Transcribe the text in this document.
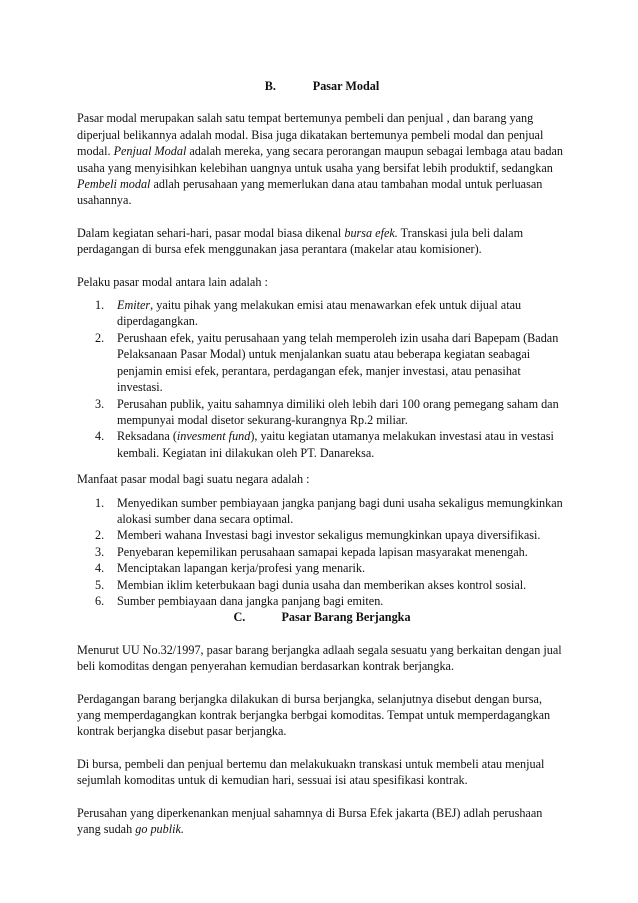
B.	Pasar Modal

Pasar modal merupakan salah satu tempat bertemunya pembeli dan penjual , dan barang yang diperjual belikannya adalah modal. Bisa juga dikatakan bertemunya pembeli modal dan penjual modal. Penjual Modal adalah mereka, yang secara perorangan maupun sebagai lembaga atau badan usaha yang menyisihkan kelebihan uangnya untuk usaha yang bersifat lebih produktif, sedangkan Pembeli modal adlah perusahaan yang memerlukan dana atau tambahan modal untuk perluasan usahannya.

Dalam kegiatan sehari-hari, pasar modal biasa dikenal bursa efek. Transkasi jula beli dalam perdagangan di bursa efek menggunakan jasa perantara (makelar atau komisioner).

Pelaku pasar modal antara lain adalah :

1. Emiter, yaitu pihak yang melakukan emisi atau menawarkan efek untuk dijual atau diperdagangkan.
2. Perushaan efek, yaitu perusahaan yang telah memperoleh izin usaha dari Bapepam (Badan Pelaksanaan Pasar Modal) untuk menjalankan suatu atau beberapa kegiatan seabagai penjamin emisi efek, perantara, perdagangan efek, manjer investasi, atau penasihat investasi.
3. Perusahan publik, yaitu sahamnya dimiliki oleh lebih dari 100 orang pemegang saham dan mempunyai modal disetor sekurang-kurangnya Rp.2 miliar.
4. Reksadana (invesment fund), yaitu kegiatan utamanya melakukan investasi atau in vestasi kembali. Kegiatan ini dilakukan oleh PT. Danareksa.

Manfaat pasar modal bagi suatu negara adalah :

1. Menyedikan sumber pembiayaan jangka panjang bagi duni usaha sekaligus memungkinkan alokasi sumber dana secara optimal.
2. Memberi wahana Investasi bagi investor sekaligus memungkinkan upaya diversifikasi.
3. Penyebaran kepemilikan perusahaan samapai kepada lapisan masyarakat menengah.
4. Menciptakan lapangan kerja/profesi yang menarik.
5. Membian iklim keterbukaan bagi dunia usaha dan memberikan akses kontrol sosial.
6. Sumber pembiayaan dana jangka panjang bagi emiten.

C.	Pasar Barang Berjangka

Menurut UU No.32/1997, pasar barang berjangka adlaah segala sesuatu yang berkaitan dengan jual beli komoditas dengan penyerahan kemudian berdasarkan kontrak berjangka.

Perdagangan barang berjangka dilakukan di bursa berjangka, selanjutnya disebut dengan bursa, yang memperdagangkan kontrak berjangka berbgai komoditas. Tempat untuk memperdagangkan kontrak berjangka disebut pasar berjangka.

Di bursa, pembeli dan penjual bertemu dan melakukuakn transkasi untuk membeli atau menjual sejumlah komoditas untuk di kemudian hari, sessuai isi atau spesifikasi kontrak.

Perusahan yang diperkenankan menjual sahamnya di Bursa Efek jakarta (BEJ) adlah perushaan yang sudah go publik.
